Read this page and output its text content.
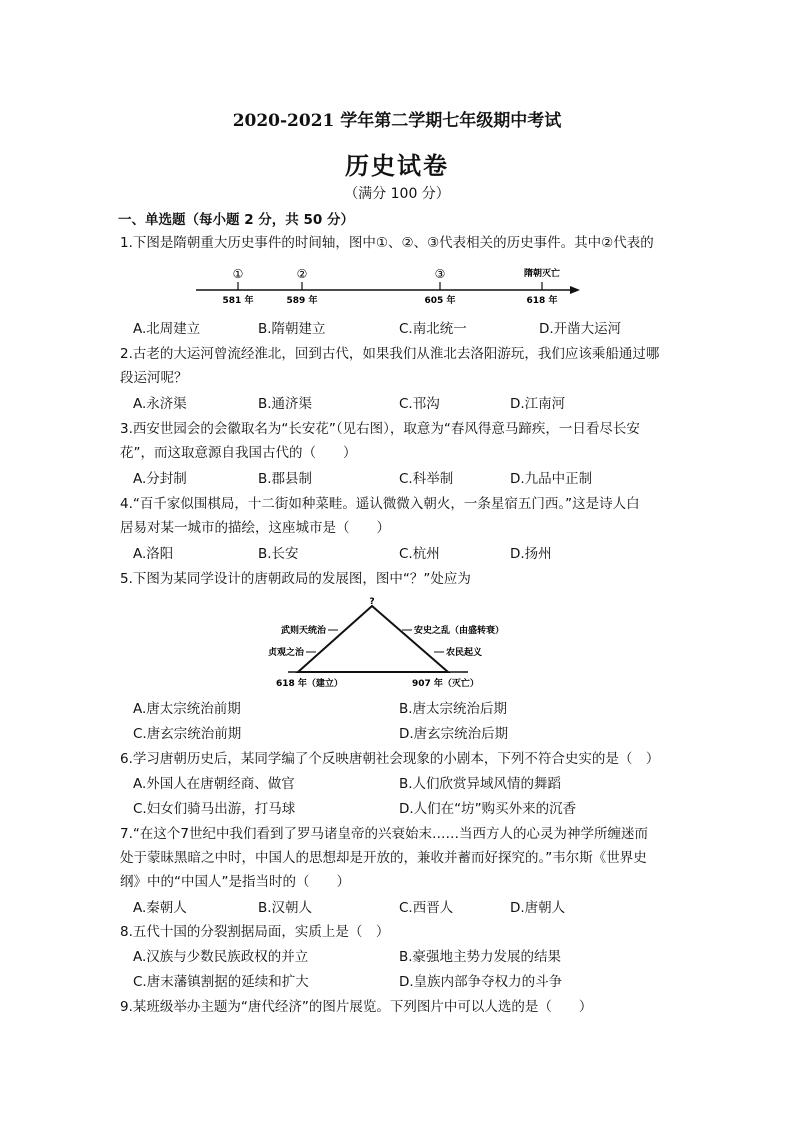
2020-2021 学年第二学期七年级期中考试
历史试卷
（满分 100 分）
一、单选题（每小题 2 分，共 50 分）
1.下图是隋朝重大历史事件的时间轴，图中①、②、③代表相关的历史事件。其中②代表的
①	②	③	隋朝灭亡
581 年	589 年	605 年	618 年
A.北周建立	B.隋朝建立	C.南北统一	D.开凿大运河
2.古老的大运河曾流经淮北，回到古代，如果我们从淮北去洛阳游玩，我们应该乘船通过哪
段运河呢？
A.永济渠	B.通济渠	C.邗沟	D.江南河
3.西安世园会的会徽取名为“长安花”（见右图），取意为“春风得意马蹄疾，一日看尽长安
花”，而这取意源自我国古代的（　　）
A.分封制	B.郡县制	C.科举制	D.九品中正制
4.“百千家似围棋局，十二街如种菜畦。遥认微微入朝火，一条星宿五门西。”这是诗人白
居易对某一城市的描绘，这座城市是（　　）
A.洛阳	B.长安	C.杭州	D.扬州
5.下图为某同学设计的唐朝政局的发展图，图中“？”处应为
?
武则天统治
贞观之治
安史之乱（由盛转衰）
农民起义
618 年（建立）	907 年（灭亡）
A.唐太宗统治前期	B.唐太宗统治后期
C.唐玄宗统治前期	D.唐玄宗统治后期
6.学习唐朝历史后，某同学编了个反映唐朝社会现象的小剧本，下列不符合史实的是（　）
A.外国人在唐朝经商、做官	B.人们欣赏异域风情的舞蹈
C.妇女们骑马出游，打马球	D.人们在“坊”购买外来的沉香
7.“在这个7世纪中我们看到了罗马诸皇帝的兴衰始末……当西方人的心灵为神学所缠迷而
处于蒙昧黑暗之中时，中国人的思想却是开放的，兼收并蓄而好探究的。”韦尔斯《世界史
纲》中的“中国人”是指当时的（　　）
A.秦朝人	B.汉朝人	C.西晋人	D.唐朝人
8.五代十国的分裂割据局面，实质上是（　）
A.汉族与少数民族政权的并立	B.豪强地主势力发展的结果
C.唐末藩镇割据的延续和扩大	D.皇族内部争夺权力的斗争
9.某班级举办主题为“唐代经济”的图片展览。下列图片中可以人选的是（　　）
